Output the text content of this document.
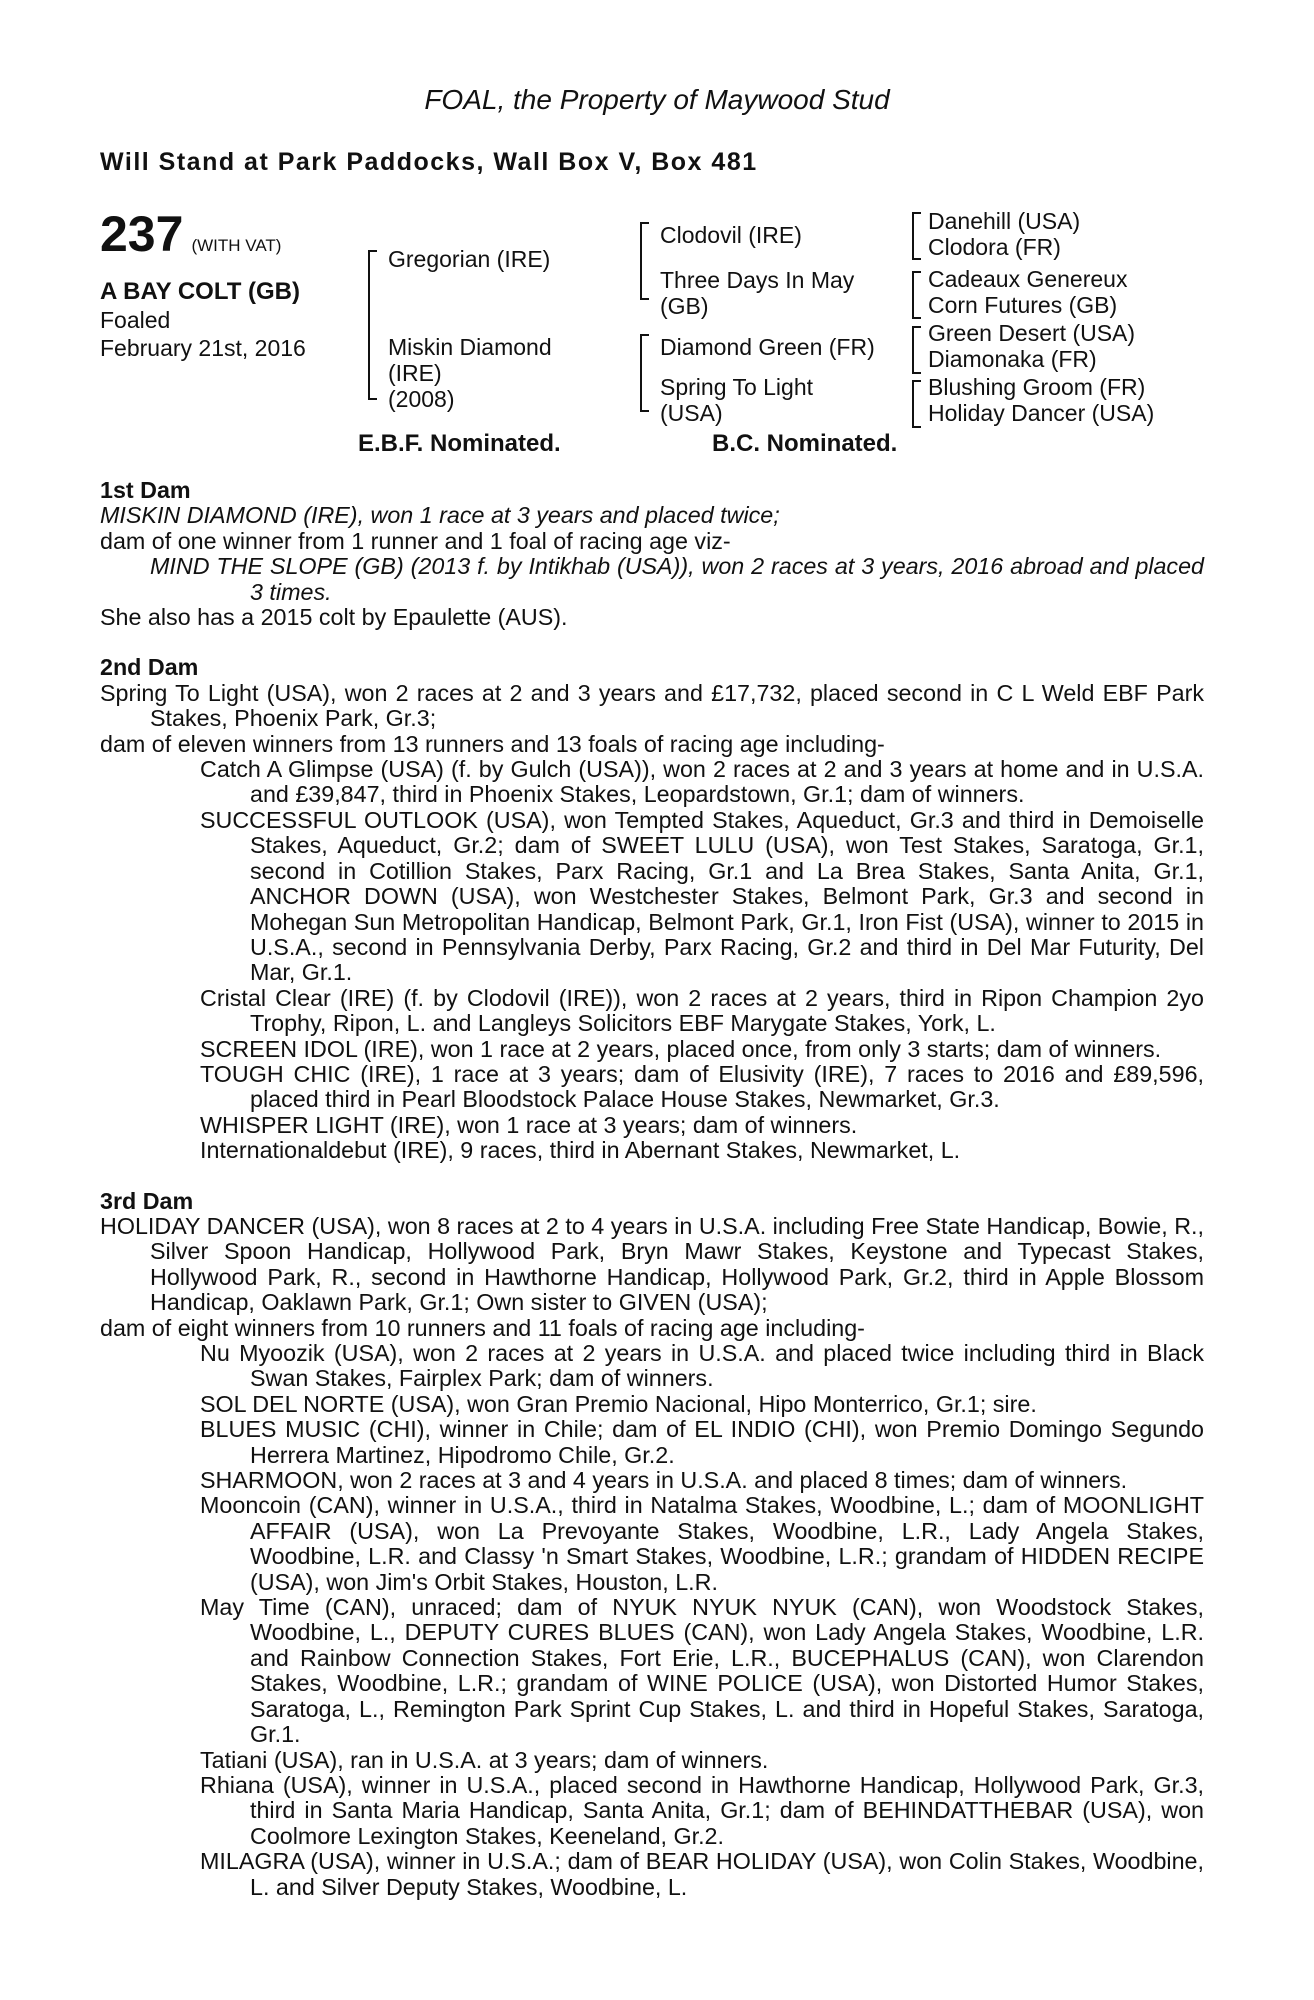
FOAL, the Property of Maywood Stud
Will Stand at Park Paddocks, Wall Box V, Box 481
237 (WITH VAT)
A BAY COLT (GB)
Foaled
February 21st, 2016
Gregorian (IRE)
Miskin Diamond
(IRE)
(2008)
Clodovil (IRE)
Three Days In May
(GB)
Diamond Green (FR)
Spring To Light
(USA)
Danehill (USA)
Clodora (FR)
Cadeaux Genereux
Corn Futures (GB)
Green Desert (USA)
Diamonaka (FR)
Blushing Groom (FR)
Holiday Dancer (USA)
E.B.F. Nominated.	B.C. Nominated.

1st Dam

MISKIN DIAMOND (IRE), won 1 race at 3 years and placed twice;

dam of one winner from 1 runner and 1 foal of racing age viz-

MIND THE SLOPE (GB) (2013 f. by Intikhab (USA)), won 2 races at 3 years, 2016 abroad and placed 3 times.

She also has a 2015 colt by Epaulette (AUS).

2nd Dam

Spring To Light (USA), won 2 races at 2 and 3 years and £17,732, placed second in C L Weld EBF Park Stakes, Phoenix Park, Gr.3;

dam of eleven winners from 13 runners and 13 foals of racing age including-

Catch A Glimpse (USA) (f. by Gulch (USA)), won 2 races at 2 and 3 years at home and in U.S.A. and £39,847, third in Phoenix Stakes, Leopardstown, Gr.1; dam of winners.

SUCCESSFUL OUTLOOK (USA), won Tempted Stakes, Aqueduct, Gr.3 and third in Demoiselle Stakes, Aqueduct, Gr.2; dam of SWEET LULU (USA), won Test Stakes, Saratoga, Gr.1, second in Cotillion Stakes, Parx Racing, Gr.1 and La Brea Stakes, Santa Anita, Gr.1, ANCHOR DOWN (USA), won Westchester Stakes, Belmont Park, Gr.3 and second in Mohegan Sun Metropolitan Handicap, Belmont Park, Gr.1, Iron Fist (USA), winner to 2015 in U.S.A., second in Pennsylvania Derby, Parx Racing, Gr.2 and third in Del Mar Futurity, Del Mar, Gr.1.

Cristal Clear (IRE) (f. by Clodovil (IRE)), won 2 races at 2 years, third in Ripon Champion 2yo Trophy, Ripon, L. and Langleys Solicitors EBF Marygate Stakes, York, L.

SCREEN IDOL (IRE), won 1 race at 2 years, placed once, from only 3 starts; dam of winners.

TOUGH CHIC (IRE), 1 race at 3 years; dam of Elusivity (IRE), 7 races to 2016 and £89,596, placed third in Pearl Bloodstock Palace House Stakes, Newmarket, Gr.3.

WHISPER LIGHT (IRE), won 1 race at 3 years; dam of winners.

Internationaldebut (IRE), 9 races, third in Abernant Stakes, Newmarket, L.

3rd Dam

HOLIDAY DANCER (USA), won 8 races at 2 to 4 years in U.S.A. including Free State Handicap, Bowie, R., Silver Spoon Handicap, Hollywood Park, Bryn Mawr Stakes, Keystone and Typecast Stakes, Hollywood Park, R., second in Hawthorne Handicap, Hollywood Park, Gr.2, third in Apple Blossom Handicap, Oaklawn Park, Gr.1; Own sister to GIVEN (USA);

dam of eight winners from 10 runners and 11 foals of racing age including-

Nu Myoozik (USA), won 2 races at 2 years in U.S.A. and placed twice including third in Black Swan Stakes, Fairplex Park; dam of winners.

SOL DEL NORTE (USA), won Gran Premio Nacional, Hipo Monterrico, Gr.1; sire.

BLUES MUSIC (CHI), winner in Chile; dam of EL INDIO (CHI), won Premio Domingo Segundo Herrera Martinez, Hipodromo Chile, Gr.2.

SHARMOON, won 2 races at 3 and 4 years in U.S.A. and placed 8 times; dam of winners.

Mooncoin (CAN), winner in U.S.A., third in Natalma Stakes, Woodbine, L.; dam of MOONLIGHT AFFAIR (USA), won La Prevoyante Stakes, Woodbine, L.R., Lady Angela Stakes, Woodbine, L.R. and Classy 'n Smart Stakes, Woodbine, L.R.; grandam of HIDDEN RECIPE (USA), won Jim's Orbit Stakes, Houston, L.R.

May Time (CAN), unraced; dam of NYUK NYUK NYUK (CAN), won Woodstock Stakes, Woodbine, L., DEPUTY CURES BLUES (CAN), won Lady Angela Stakes, Woodbine, L.R. and Rainbow Connection Stakes, Fort Erie, L.R., BUCEPHALUS (CAN), won Clarendon Stakes, Woodbine, L.R.; grandam of WINE POLICE (USA), won Distorted Humor Stakes, Saratoga, L., Remington Park Sprint Cup Stakes, L. and third in Hopeful Stakes, Saratoga, Gr.1.

Tatiani (USA), ran in U.S.A. at 3 years; dam of winners.

Rhiana (USA), winner in U.S.A., placed second in Hawthorne Handicap, Hollywood Park, Gr.3, third in Santa Maria Handicap, Santa Anita, Gr.1; dam of BEHINDATTHEBAR (USA), won Coolmore Lexington Stakes, Keeneland, Gr.2.

MILAGRA (USA), winner in U.S.A.; dam of BEAR HOLIDAY (USA), won Colin Stakes, Woodbine, L. and Silver Deputy Stakes, Woodbine, L.
